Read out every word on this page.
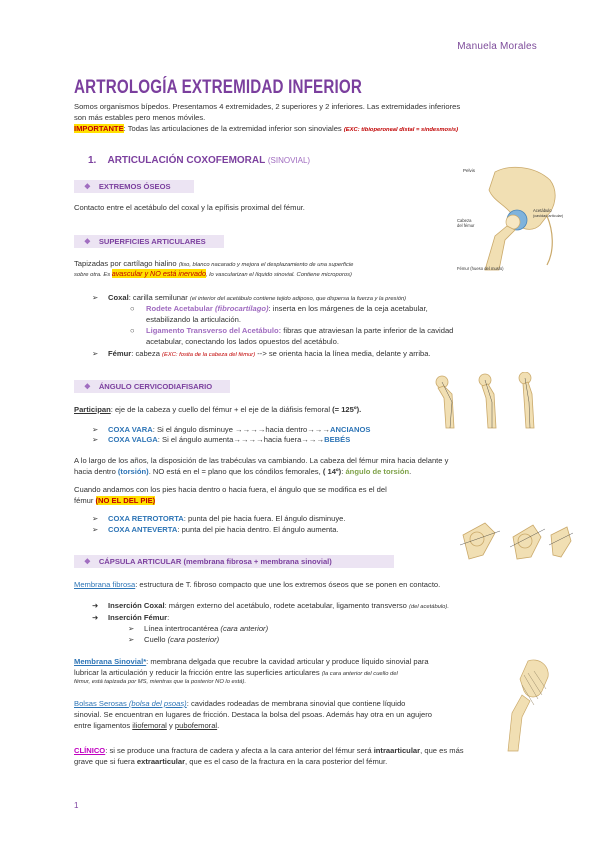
Manuela Morales
ARTROLOGÍA EXTREMIDAD INFERIOR
Somos organismos bípedos. Presentamos 4 extremidades, 2 superiores y 2 inferiores. Las extremidades inferiores
son más estables pero menos móviles.
IMPORTANTE: Todas las articulaciones de la extremidad inferior son sinoviales (EXC: tibioperoneal distal = sindesmosis)
1. ARTICULACIÓN COXOFEMORAL (SINOVIAL)
❖ EXTREMOS ÓSEOS
Contacto entre el acetábulo del coxal y la epífisis proximal del fémur.
Pelvis
Cabeza
del fémur
Acetábulo
(cavidad articular)
Fémur (hueso del muslo)
❖ SUPERFICIES ARTICULARES
Tapizadas por cartílago hialino (liso, blanco nacarado y mejora el desplazamiento de una superficie
sobre otra. Es avascular y NO está inervado, lo vascularizan el líquido sinovial. Contiene microporos)
➢ Coxal: carilla semilunar (el interior del acetábulo contiene tejido adiposo, que dispersa la fuerza y la presión)
○ Rodete Acetabular (fibrocartílago): inserta en los márgenes de la ceja acetabular,
estabilizando la articulación.
○ Ligamento Transverso del Acetábulo: fibras que atraviesan la parte inferior de la cavidad
acetabular, conectando los lados opuestos del acetábulo.
➢ Fémur: cabeza (EXC: fosita de la cabeza del fémur) --> se orienta hacia la línea media, delante y arriba.
❖ ÁNGULO CERVICODIAFISARIO
Participan: eje de la cabeza y cuello del fémur + el eje de la diáfisis femoral (= 125º).
➢ COXA VARA: Si el ángulo disminuye →→→→hacia dentro→→→ANCIANOS
➢ COXA VALGA: Si el ángulo aumenta→→→→hacia fuera→→→BEBÉS
A lo largo de los años, la disposición de las trabéculas va cambiando. La cabeza del fémur mira hacia delante y
hacia dentro (torsión). NO está en el = plano que los cóndilos femorales, ( 14º): ángulo de torsión.
Cuando andamos con los pies hacia dentro o hacia fuera, el ángulo que se modifica es el del
fémur (NO EL DEL PIE)
➢ COXA RETROTORTA: punta del pie hacia fuera. El ángulo disminuye.
➢ COXA ANTEVERTA: punta del pie hacia dentro. El ángulo aumenta.
❖ CÁPSULA ARTICULAR (membrana fibrosa + membrana sinovial)
Membrana fibrosa: estructura de T. fibroso compacto que une los extremos óseos que se ponen en contacto.
➜ Inserción Coxal: márgen externo del acetábulo, rodete acetabular, ligamento transverso (del acetábulo).
➜ Inserción Fémur:
➢ Línea intertrocantérea (cara anterior)
➢ Cuello (cara posterior)
Membrana Sinovial*: membrana delgada que recubre la cavidad articular y produce líquido sinovial para
lubricar la articulación y reducir la fricción entre las superficies articulares (la cara anterior del cuello del
fémur, está tapizada por MS, mientras que la posterior NO lo está).
Bolsas Serosas (bolsa del psoas): cavidades rodeadas de membrana sinovial que contiene líquido
sinovial. Se encuentran en lugares de fricción. Destaca la bolsa del psoas. Además hay otra en un agujero
entre ligamentos iliofemoral y pubofemoral.
CLÍNICO: si se produce una fractura de cadera y afecta a la cara anterior del fémur será intraarticular, que es más
grave que si fuera extraarticular, que es el caso de la fractura en la cara posterior del fémur.
1
